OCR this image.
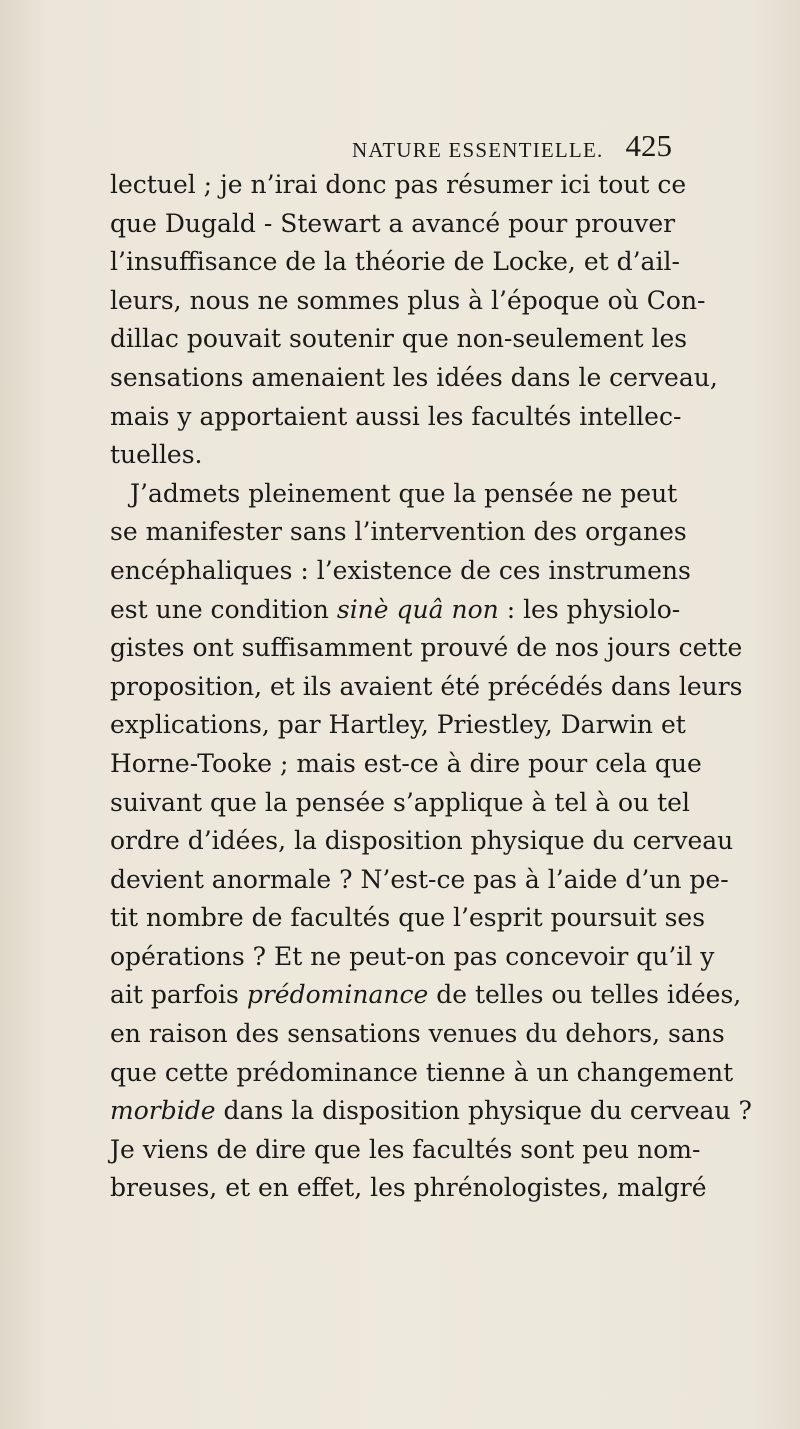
NATURE ESSENTIELLE. 425
lectuel ; je n’irai donc pas résumer ici tout ce
que Dugald - Stewart a avancé pour prouver
l’insuffisance de la théorie de Locke, et d’ail-
leurs, nous ne sommes plus à l’époque où Con-
dillac pouvait soutenir que non-seulement les
sensations amenaient les idées dans le cerveau,
mais y apportaient aussi les facultés intellec-
tuelles.
J’admets pleinement que la pensée ne peut
se manifester sans l’intervention des organes
encéphaliques : l’existence de ces instrumens
est une condition sinè quâ non : les physiolo-
gistes ont suffisamment prouvé de nos jours cette
proposition, et ils avaient été précédés dans leurs
explications, par Hartley, Priestley, Darwin et
Horne-Tooke ; mais est-ce à dire pour cela que
suivant que la pensée s’applique à tel à ou tel
ordre d’idées, la disposition physique du cerveau
devient anormale ? N’est-ce pas à l’aide d’un pe-
tit nombre de facultés que l’esprit poursuit ses
opérations ? Et ne peut-on pas concevoir qu’il y
ait parfois prédominance de telles ou telles idées,
en raison des sensations venues du dehors, sans
que cette prédominance tienne à un changement
morbide dans la disposition physique du cerveau ?
Je viens de dire que les facultés sont peu nom-
breuses, et en effet, les phrénologistes, malgré
